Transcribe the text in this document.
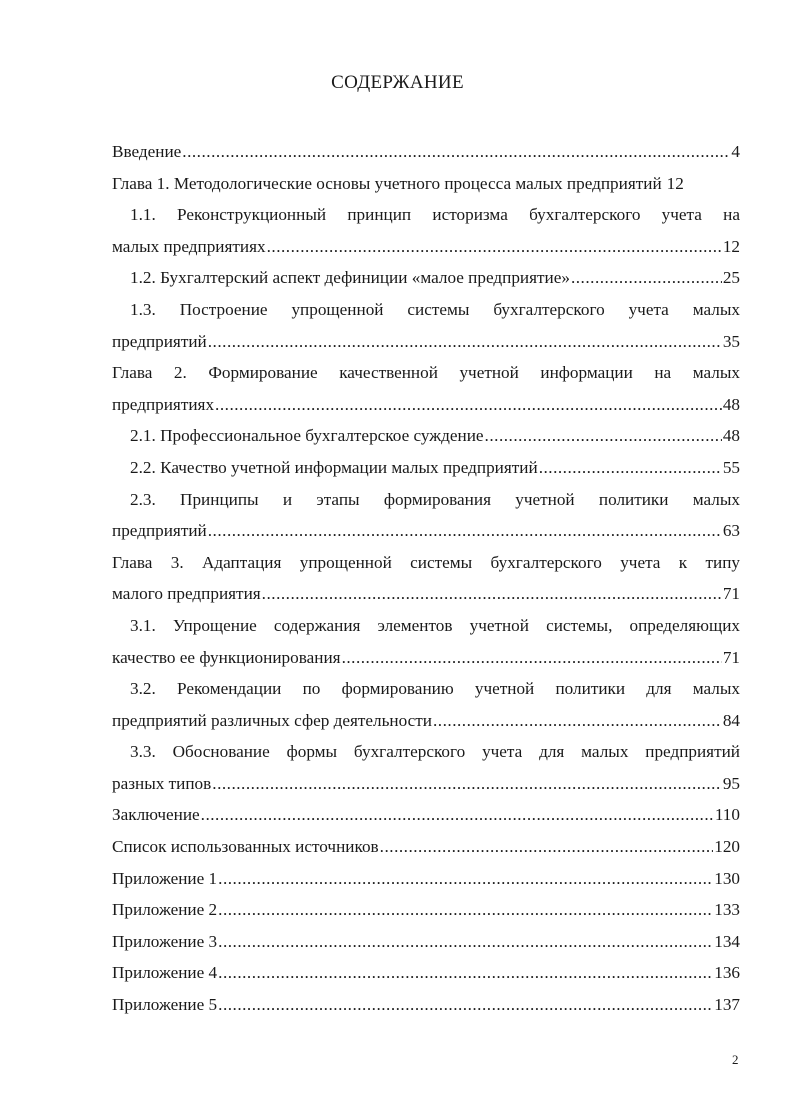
СОДЕРЖАНИЕ
Введение .....	4
Глава 1. Методологические основы учетного процесса малых предприятий 12
1.1. Реконструкционный принцип историзма бухгалтерского учета на
малых предприятиях .....	12
1.2. Бухгалтерский аспект дефиниции «малое предприятие» .....	25
1.3. Построение упрощенной системы бухгалтерского учета малых
предприятий .....	35
Глава 2. Формирование качественной учетной информации на малых
предприятиях .....	48
2.1. Профессиональное бухгалтерское суждение .....	48
2.2. Качество учетной информации малых предприятий .....	55
2.3. Принципы и этапы формирования учетной политики малых
предприятий .....	63
Глава 3. Адаптация упрощенной системы бухгалтерского учета к типу
малого предприятия .....	71
3.1. Упрощение содержания элементов учетной системы, определяющих
качество ее функционирования .....	71
3.2. Рекомендации по формированию учетной политики для малых
предприятий различных сфер деятельности .....	84
3.3. Обоснование формы бухгалтерского учета для малых предприятий
разных типов .....	95
Заключение .....	110
Список использованных источников .....	120
Приложение 1 .....	130
Приложение 2 .....	133
Приложение 3 .....	134
Приложение 4 .....	136
Приложение 5 .....	137
2
